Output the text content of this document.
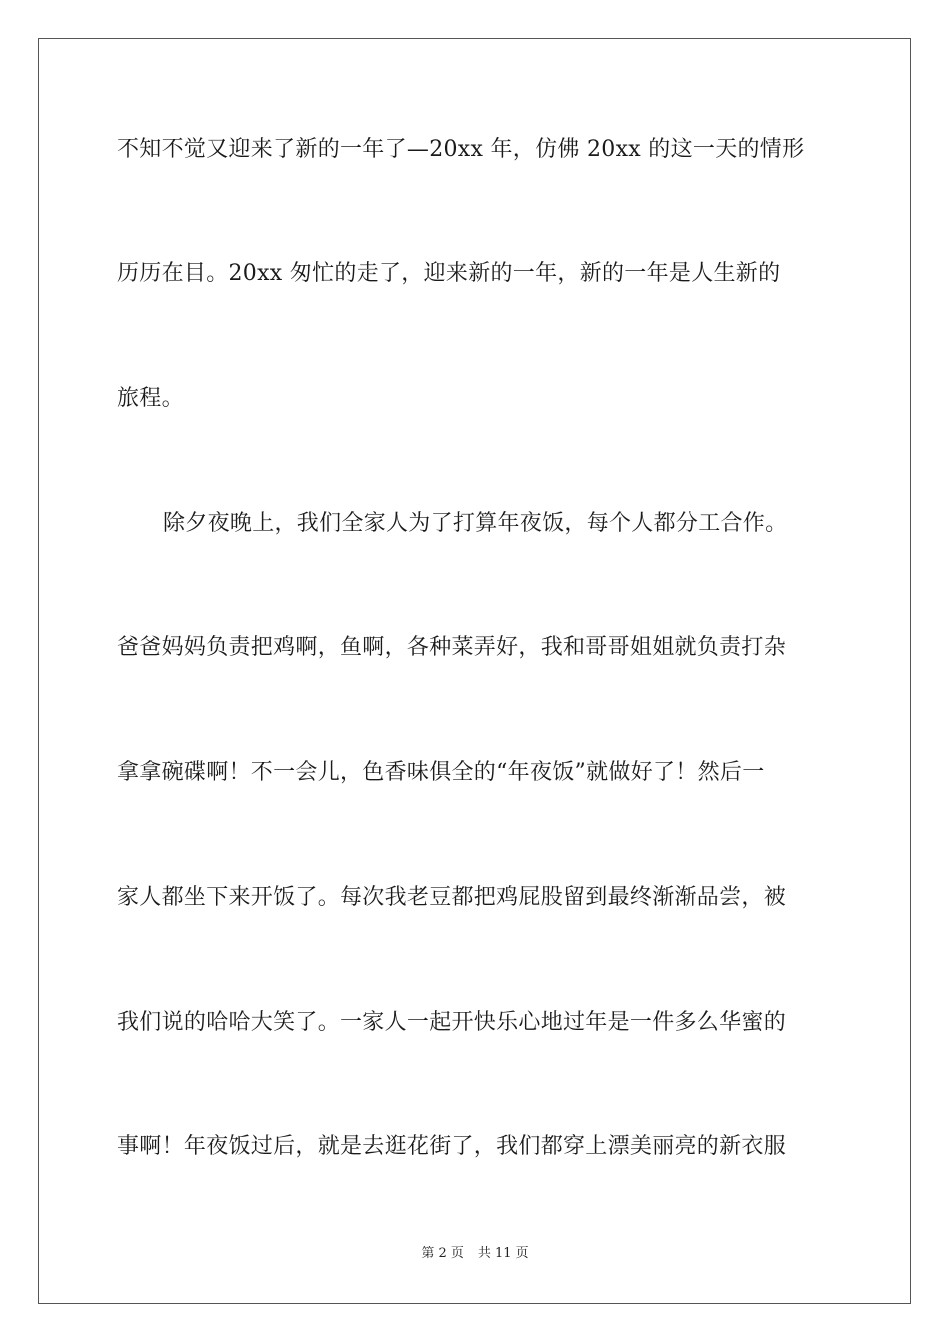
不知不觉又迎来了新的一年了—20xx 年，仿佛 20xx 的这一天的情形
历历在目。20xx 匆忙的走了，迎来新的一年，新的一年是人生新的
旅程。
除夕夜晚上，我们全家人为了打算年夜饭，每个人都分工合作。
爸爸妈妈负责把鸡啊，鱼啊，各种菜弄好，我和哥哥姐姐就负责打杂
拿拿碗碟啊！不一会儿，色香味俱全的“年夜饭”就做好了！然后一
家人都坐下来开饭了。每次我老豆都把鸡屁股留到最终渐渐品尝，被
我们说的哈哈大笑了。一家人一起开快乐心地过年是一件多么华蜜的
事啊！年夜饭过后，就是去逛花街了，我们都穿上漂美丽亮的新衣服
第 2 页 共 11 页
